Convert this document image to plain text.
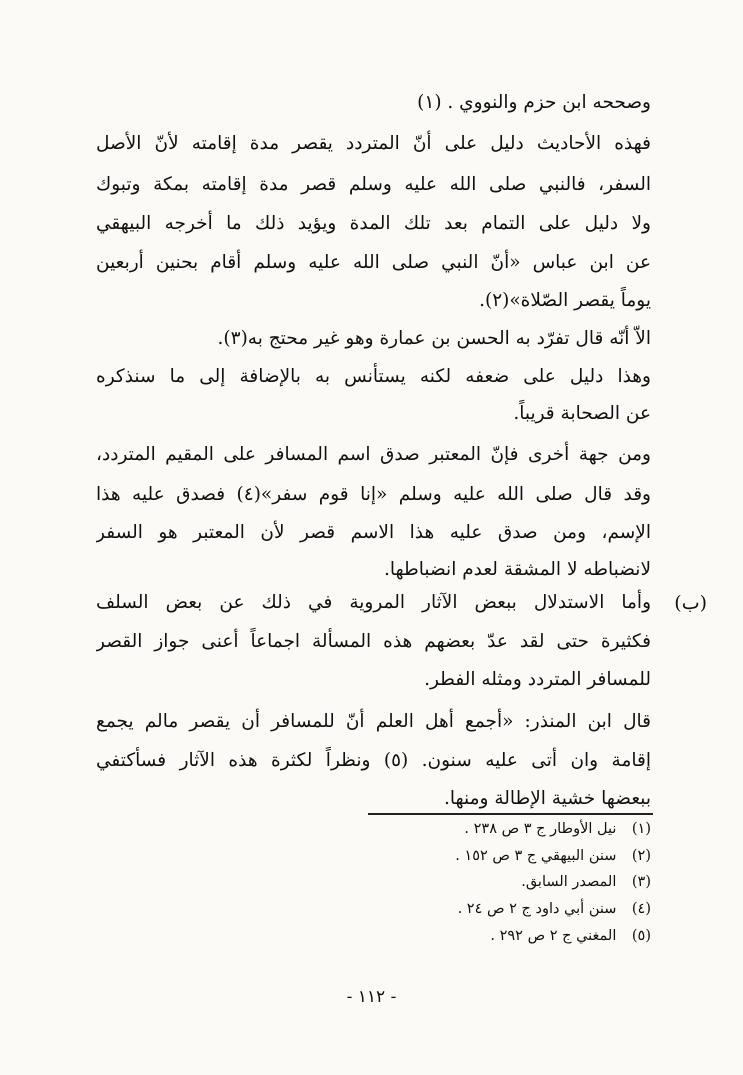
وصححه ابن حزم والنووي . (١)
فهذه الأحاديث دليل على أنّ المتردد يقصر مدة إقامته لأنّ الأصل
السفر، فالنبي صلى الله عليه وسلم قصر مدة إقامته بمكة وتبوك
ولا دليل على التمام بعد تلك المدة ويؤيد ذلك ما أخرجه البيهقي
عن ابن عباس «أنّ النبي صلى الله عليه وسلم أقام بحنين أربعين
يوماً يقصر الصّلاة»(٢).
الاّ أنّه قال تفرّد به الحسن بن عمارة وهو غير محتج به(٣).
وهذا دليل على ضعفه لكنه يستأنس به بالإضافة إلى ما سنذكره
عن الصحابة قريباً.
ومن جهة أخرى فإنّ المعتبر صدق اسم المسافر على المقيم المتردد،
وقد قال صلى الله عليه وسلم «إنا قوم سفر»(٤) فصدق عليه هذا
الإسم، ومن صدق عليه هذا الاسم قصر لأن المعتبر هو السفر
لانضباطه لا المشقة لعدم انضباطها.
(ب)
وأما الاستدلال ببعض الآثار المروية في ذلك عن بعض السلف
فكثيرة حتى لقد عدّ بعضهم هذه المسألة اجماعاً أعنى جواز القصر
للمسافر المتردد ومثله الفطر.
قال ابن المنذر: «أجمع أهل العلم أنّ للمسافر أن يقصر مالم يجمع
إقامة وان أتى عليه سنون. (٥) ونظراً لكثرة هذه الآثار فسأكتفي
ببعضها خشية الإطالة ومنها.
(١) نيل الأوطار ج ٣ ص ٢٣٨ .
(٢) سنن البيهقي ج ٣ ص ١٥٢ .
(٣) المصدر السابق.
(٤) سنن أبي داود ج ٢ ص ٢٤ .
(٥) المغني ج ٢ ص ٢٩٢ .
- ١١٢ -
